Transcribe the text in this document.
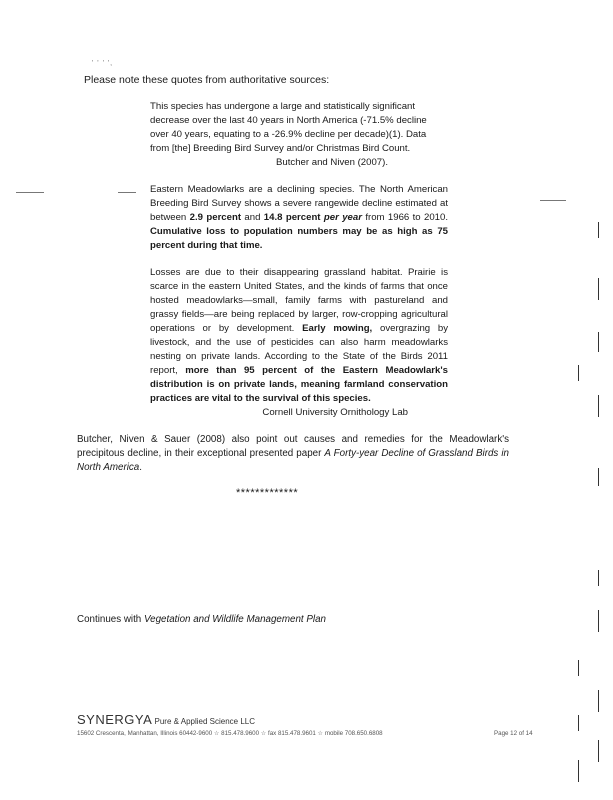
' ' ' ',
Please note these quotes from authoritative sources:

This species has undergone a large and statistically significant

decrease over the last 40 years in North America (-71.5% decline

over 40 years, equating to a -26.9% decline per decade)(1). Data

from [the] Breeding Bird Survey and/or Christmas Bird Count.

Butcher and Niven (2007).

Eastern Meadowlarks are a declining species. The North American Breeding Bird Survey shows a severe rangewide decline estimated at between 2.9 percent and 14.8 percent per year from 1966 to 2010. Cumulative loss to population numbers may be as high as 75 percent during that time.
Losses are due to their disappearing grassland habitat. Prairie is scarce in the eastern United States, and the kinds of farms that once hosted meadowlarks—small, family farms with pastureland and grassy fields—are being replaced by larger, row-cropping agricultural operations or by development. Early mowing, overgrazing by livestock, and the use of pesticides can also harm meadowlarks nesting on private lands. According to the State of the Birds 2011 report, more than 95 percent of the Eastern Meadowlark's distribution is on private lands, meaning farmland conservation practices are vital to the survival of this species.

Cornell University Ornithology Lab

Butcher, Niven & Sauer (2008) also point out causes and remedies for the Meadowlark's precipitous decline, in their exceptional presented paper A Forty-year Decline of Grassland Birds in North America.
*************
Continues with Vegetation and Wildlife Management Plan
SYNERGYA Pure & Applied Science LLC
15602 Crescenta, Manhattan, Illinois 60442-9600 ☆ 815.478.9600 ☆ fax 815.478.9601 ☆ mobile 708.650.6808	Page 12 of 14
